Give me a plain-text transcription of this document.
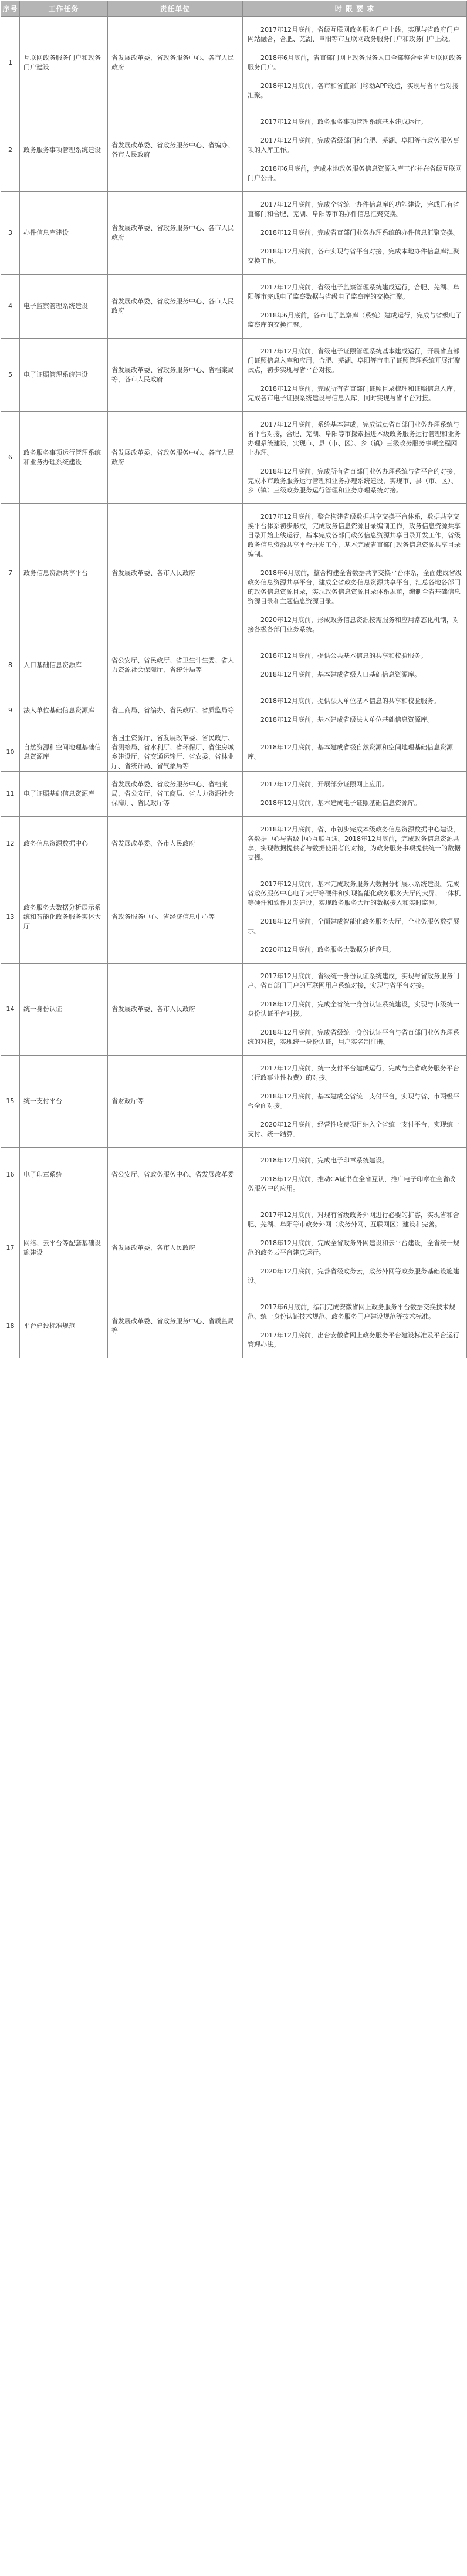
序号	工作任务	责任单位	时 限 要 求
1	互联网政务服务门户和政务门户建设	省发展改革委、省政务服务中心、各市人民政府	2017年12月底前，省级互联网政务服务门户上线，实现与省政府门户网站融合，合肥、芜湖、阜阳等市互联网政务服务门户和政务门户上线。

2018年6月底前，省直部门网上政务服务入口全部整合至省互联网政务服务门户。

2018年12月底前，各市和省直部门移动APP改造，实现与省平台对接汇聚。

2	政务服务事项管理系统建设	省发展改革委、省政务服务中心、省编办、各市人民政府	2017年12月底前，政务服务事项管理系统基本建成运行。

2017年12月底前，完成省级部门和合肥、芜湖、阜阳等市政务服务事项的入库工作。

2018年6月底前，完成本地政务服务信息资源入库工作并在省级互联网门户公开。

3	办件信息库建设	省发展改革委、省政务服务中心、各市人民政府	2017年12月底前，完成全省统一办件信息库的功能建设，完成已有省直部门和合肥、芜湖、阜阳等市的办件信息汇聚交换。

2018年12月底前，完成省直部门业务办理系统的办件信息汇聚交换。

2018年12月底前，各市实现与省平台对接，完成本地办件信息库汇聚交换工作。

4	电子监察管理系统建设	省发展改革委、省政务服务中心、各市人民政府	2017年12月底前，省级电子监察管理系统建成运行，合肥、芜湖、阜阳等市完成电子监察数据与省级电子监察库的交换汇聚。

2018年6月底前，各市电子监察库（系统）建成运行，完成与省级电子监察库的交换汇聚。

5	电子证照管理系统建设	省发展改革委、省政务服务中心、省档案局等，各市人民政府	2017年12月底前，省级电子证照管理系统基本建成运行，开展省直部门证照信息入库和应用，合肥、芜湖、阜阳等市电子证照管理系统开展汇聚试点，初步实现与省平台对接。

2018年12月底前，完成所有省直部门证照目录梳理和证照信息入库，完成各市电子证照系统建设与信息入库，同时实现与省平台对接。

6	政务服务事项运行管理系统和业务办理系统建设	省发展改革委、省政务服务中心、各市人民政府	2017年12月底前，系统基本建成，完成试点省直部门业务办理系统与省平台对接，合肥、芜湖、阜阳等市探索推进本级政务服务运行管理和业务办理系统建设，实现市、县（市、区）、乡（镇）三级政务服务事项全程网上办理。

2018年12月底前，完成所有省直部门业务办理系统与省平台的对接，完成本市政务服务运行管理和业务办理系统建设，实现市、县（市、区）、乡（镇）三级政务服务运行管理和业务办理系统对接。

7	政务信息资源共享平台	省发展改革委、各市人民政府	2017年12月底前，整合构建省级数据共享交换平台体系，数据共享交换平台体系初步形成，完成政务信息资源目录编制工作，政务信息资源共享目录开始上线运行，基本完成各部门政务信息资源共享目录开发工作，省级政务信息资源共享平台开发工作，基本完成省直部门政务信息资源共享目录编制。

2018年6月底前，整合构建全省数据共享交换平台体系，全面建成省级政务信息资源共享平台，建成全省政务信息资源共享平台，汇总各地各部门的政务信息资源目录，实现政务信息资源目录体系规范，编制全省基础信息资源目录和主题信息资源目录。

2020年12月底前，形成政务信息资源按需服务和应用常态化机制，对接各级各部门业务系统。

8	人口基础信息资源库	省公安厅、省民政厅、省卫生计生委、省人力资源社会保障厅、省统计局等	2018年12月底前，提供公共基本信息的共享和校验服务。

2018年12月底前，基本建成省级人口基础信息资源库。

9	法人单位基础信息资源库	省工商局、省编办、省民政厅、省质监局等	2018年12月底前，提供法人单位基本信息的共享和校验服务。

2018年12月底前，基本建成省级法人单位基础信息资源库。

10	自然资源和空间地理基础信息资源库	省国土资源厅、省发展改革委、省民政厅、省测绘局、省水利厅、省环保厅、省住房城乡建设厅、省交通运输厅、省农委、省林业厅、省统计局、省气象局等	2018年12月底前，基本建成省级自然资源和空间地理基础信息资源库。

11	电子证照基础信息资源库	省发展改革委、省政务服务中心、省档案局、省公安厅、省工商局、省人力资源社会保障厅、省民政厅等	2017年12月底前，开展部分证照网上应用。

2018年12月底前，基本建成电子证照基础信息资源库。

12	政务信息资源数据中心	省发展改革委、各市人民政府	2018年12月底前，省、市初步完成本级政务信息资源数据中心建设，各数据中心与省级中心互联互通。2018年12月底前，完成政务信息资源共享，实现数据提供者与数据使用者的对接，为政务服务事项提供统一的数据支撑。

13	政务服务大数据分析展示系统和智能化政务服务实体大厅	省政务服务中心、省经济信息中心等	2017年12月底前，基本完成政务服务大数据分析展示系统建设。完成省政务服务中心电子大厅等硬件和实现智能化政务服务大厅的大屏、一体机等硬件和软件开发建设，实现政务服务大厅的数据接入和实时监测。

2018年12月底前，全面建成智能化政务服务大厅，全业务服务数据展示。

2020年12月底前，政务服务大数据分析应用。

14	统一身份认证	省发展改革委、各市人民政府	2017年12月底前，省级统一身份认证系统建成，实现与省政务服务门户、省直部门门户的互联网用户系统对接，实现与省平台对接。

2018年12月底前，完成全省统一身份认证系统建设，实现与市级统一身份认证平台对接。

2018年12月底前，完成省级统一身份认证平台与省直部门业务办理系统的对接，实现统一身份认证，用户实名制注册。

15	统一支付平台	省财政厅等	2017年12月底前，统一支付平台建成运行，完成与全省政务服务平台（行政事业性收费）的对接。

2018年12月底前，基本建成全省统一支付平台，实现与省、市两级平台全面对接。

2020年12月底前，经营性收费项目纳入全省统一支付平台，实现统一支付、统一结算。

16	电子印章系统	省公安厅、省政务服务中心、省发展改革委	2018年12月底前，完成电子印章系统建设。

2018年12月底前，推动CA证书在全省互认，推广电子印章在全省政务服务中的应用。

17	网络、云平台等配套基础设施建设	省发展改革委、各市人民政府	2017年12月底前，对现有省级政务外网进行必要的扩容，实现省和合肥、芜湖、阜阳等市政务外网（政务外网、互联网区）建设和完善。

2018年12月底前，完成全省政务外网建设和云平台建设，全省统一规范的政务云平台建成运行。

2020年12月底前，完善省级政务云，政务外网等政务服务基础设施建设。

18	平台建设标准规范	省发展改革委、省政务服务中心、省质监局等	2017年6月底前，编制完成安徽省网上政务服务平台数据交换技术规范、统一身份认证技术规范、政务服务门户建设规范等技术标准。

2017年12月底前，出台安徽省网上政务服务平台建设标准及平台运行管理办法。
